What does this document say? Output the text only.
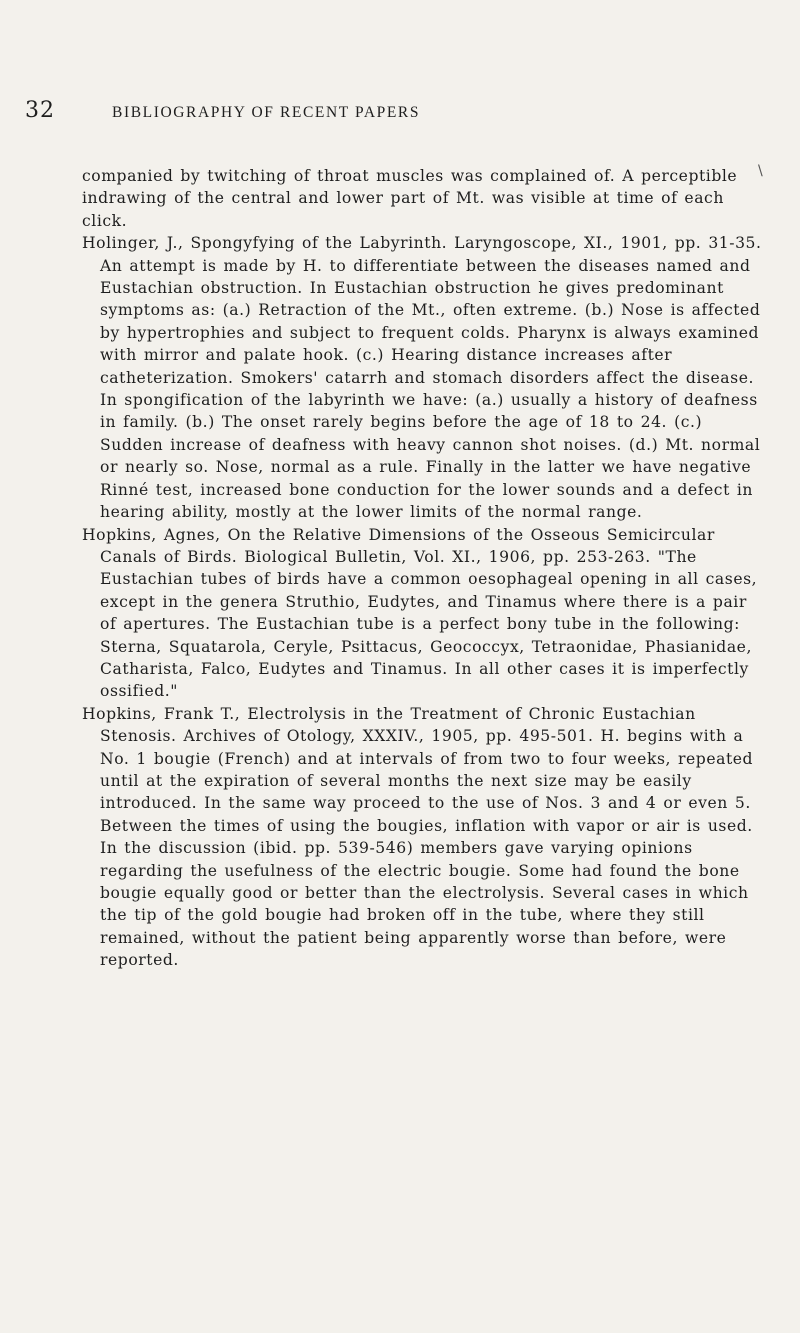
32	BIBLIOGRAPHY OF RECENT PAPERS
\

companied by twitching of throat muscles was complained of. A perceptible indrawing of the central and lower part of Mt. was visible at time of each click.

Holinger, J., Spongyfying of the Labyrinth. Laryngoscope, XI., 1901, pp. 31-35. An attempt is made by H. to differentiate between the diseases named and Eustachian obstruction. In Eustachian obstruction he gives predominant symptoms as: (a.) Retraction of the Mt., often extreme. (b.) Nose is affected by hypertrophies and subject to frequent colds. Pharynx is always examined with mirror and palate hook. (c.) Hearing distance increases after catheterization. Smokers' catarrh and stomach disorders affect the disease. In spongification of the labyrinth we have: (a.) usually a history of deafness in family. (b.) The onset rarely begins before the age of 18 to 24. (c.) Sudden increase of deafness with heavy cannon shot noises. (d.) Mt. normal or nearly so. Nose, normal as a rule. Finally in the latter we have negative Rinné test, increased bone conduction for the lower sounds and a defect in hearing ability, mostly at the lower limits of the normal range.

Hopkins, Agnes, On the Relative Dimensions of the Osseous Semicircular Canals of Birds. Biological Bulletin, Vol. XI., 1906, pp. 253-263. "The Eustachian tubes of birds have a common oesophageal opening in all cases, except in the genera Struthio, Eudytes, and Tinamus where there is a pair of apertures. The Eustachian tube is a perfect bony tube in the following: Sterna, Squatarola, Ceryle, Psittacus, Geococcyx, Tetraonidae, Phasianidae, Catharista, Falco, Eudytes and Tinamus. In all other cases it is imperfectly ossified."

Hopkins, Frank T., Electrolysis in the Treatment of Chronic Eustachian Stenosis. Archives of Otology, XXXIV., 1905, pp. 495-501. H. begins with a No. 1 bougie (French) and at intervals of from two to four weeks, repeated until at the expiration of several months the next size may be easily introduced. In the same way proceed to the use of Nos. 3 and 4 or even 5. Between the times of using the bougies, inflation with vapor or air is used. In the discussion (ibid. pp. 539-546) members gave varying opinions regarding the usefulness of the electric bougie. Some had found the bone bougie equally good or better than the electrolysis. Several cases in which the tip of the gold bougie had broken off in the tube, where they still remained, without the patient being apparently worse than before, were reported.
